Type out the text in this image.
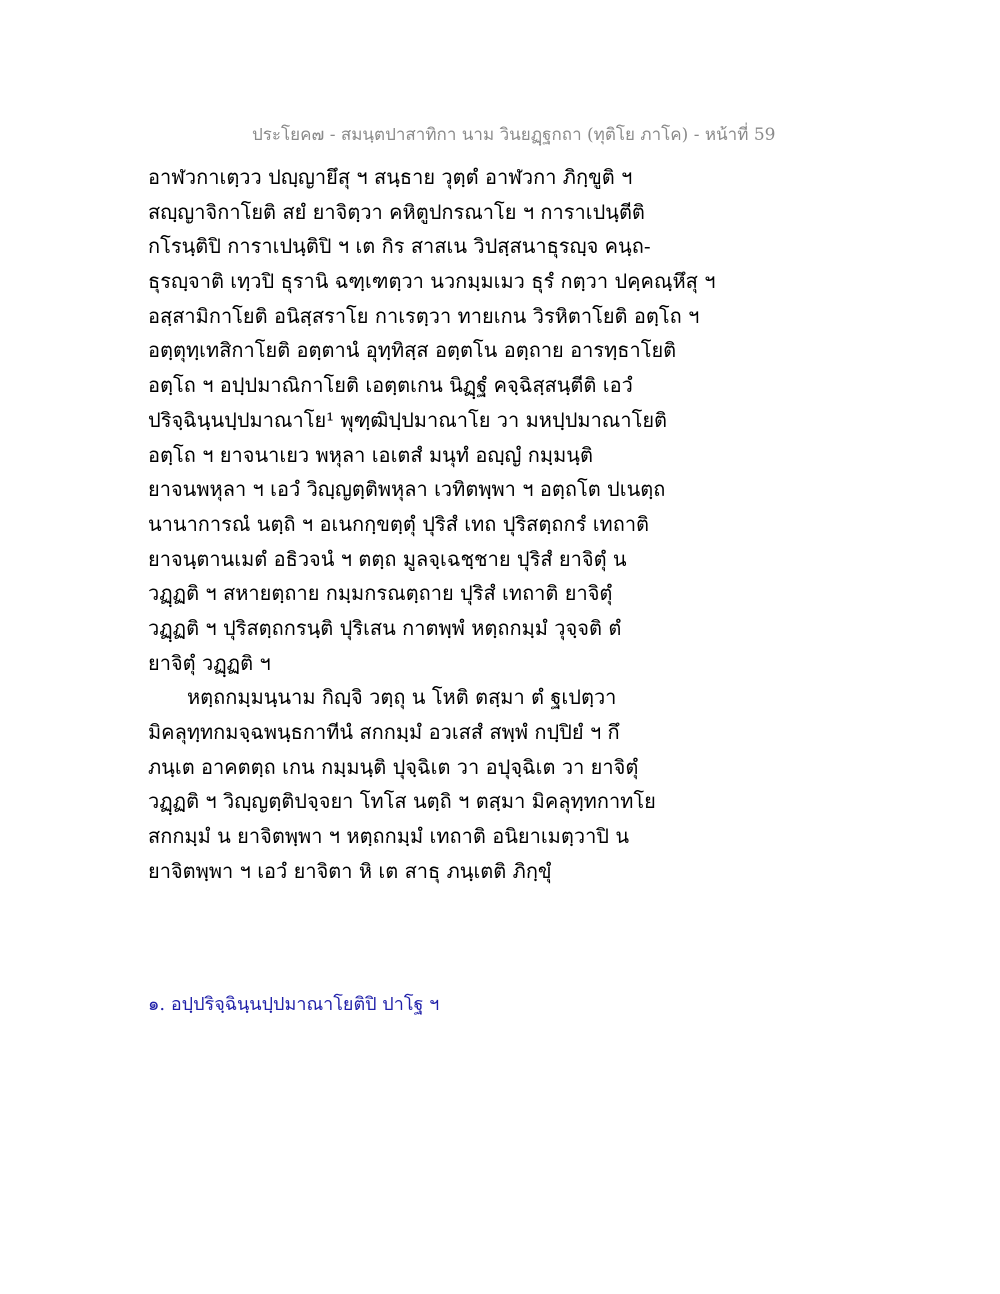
ประโยค๗ - สมนฺตปาสาทิกา นาม วินยฏฺฐกถา (ทุติโย ภาโค) - หน้าที่ 59
อาฬวกาเตฺวว ปญฺญายึสุ ฯ สนฺธาย วุตฺตํ อาฬวกา ภิกฺขูติ ฯ
สญฺญาจิกาโยติ สยํ ยาจิตฺวา คหิตูปกรณาโย ฯ การาเปนฺตีติ
กโรนฺติปิ การาเปนฺติปิ ฯ เต กิร สาสเน วิปสฺสนาธุรญฺจ คนฺถ-
ธุรญฺจาติ เทฺวปิ ธุรานิ ฉฑฺเฑตฺวา นวกมฺมเมว ธุรํ กตฺวา ปคฺคณฺหึสุ ฯ
อสฺสามิกาโยติ อนิสฺสราโย กาเรตฺวา ทายเกน วิรหิตาโยติ อตฺโถ ฯ
อตฺตุทฺเทสิกาโยติ อตฺตานํ อุทฺทิสฺส อตฺตโน อตฺถาย อารทฺธาโยติ
อตฺโถ ฯ อปฺปมาณิกาโยติ เอตฺตเกน นิฏฺฐํ คจฺฉิสฺสนฺตีติ เอวํ
ปริจฺฉินฺนปฺปมาณาโย¹ พุฑฺฒิปฺปมาณาโย วา มหปฺปมาณาโยติ
อตฺโถ ฯ ยาจนาเยว พหุลา เอเตสํ มนุทํ อญฺญํ กมฺมนฺติ
ยาจนพหุลา ฯ เอวํ วิญฺญตฺติพหุลา เวทิตพฺพา ฯ อตฺถโต ปเนตฺถ
นานาการณํ นตฺถิ ฯ อเนกกฺขตฺตุํ ปุริสํ เทถ ปุริสตฺถกรํ เทถาติ
ยาจนฺตานเมตํ อธิวจนํ ฯ ตตฺถ มูลจฺเฉชฺชาย ปุริสํ ยาจิตุํ น
วฏฺฏติ ฯ สหายตฺถาย กมฺมกรณตฺถาย ปุริสํ เทถาติ ยาจิตุํ
วฏฺฏติ ฯ ปุริสตฺถกรนฺติ ปุริเสน กาตพฺพํ หตฺถกมฺมํ วุจฺจติ ตํ
ยาจิตุํ วฏฺฏติ ฯ
หตฺถกมฺมนฺนาม กิญฺจิ วตฺถุ น โหติ ตสฺมา ตํ ฐเปตฺวา
มิคลุทฺทกมจฺฉพนฺธกาทีนํ สกกมฺมํ อวเสสํ สพฺพํ กปฺปิยํ ฯ กึ
ภนฺเต อาคตตฺถ เกน กมฺมนฺติ ปุจฺฉิเต วา อปุจฺฉิเต วา ยาจิตุํ
วฏฺฏติ ฯ วิญฺญตฺติปจฺจยา โทโส นตฺถิ ฯ ตสฺมา มิคลุทฺทกาทโย
สกกมฺมํ น ยาจิตพฺพา ฯ หตฺถกมฺมํ เทถาติ อนิยาเมตฺวาปิ น
ยาจิตพฺพา ฯ เอวํ ยาจิตา หิ เต สาธุ ภนฺเตติ ภิกฺขุํ
๑. อปฺปริจฺฉินฺนปฺปมาณาโยติปิ ปาโฐ ฯ
